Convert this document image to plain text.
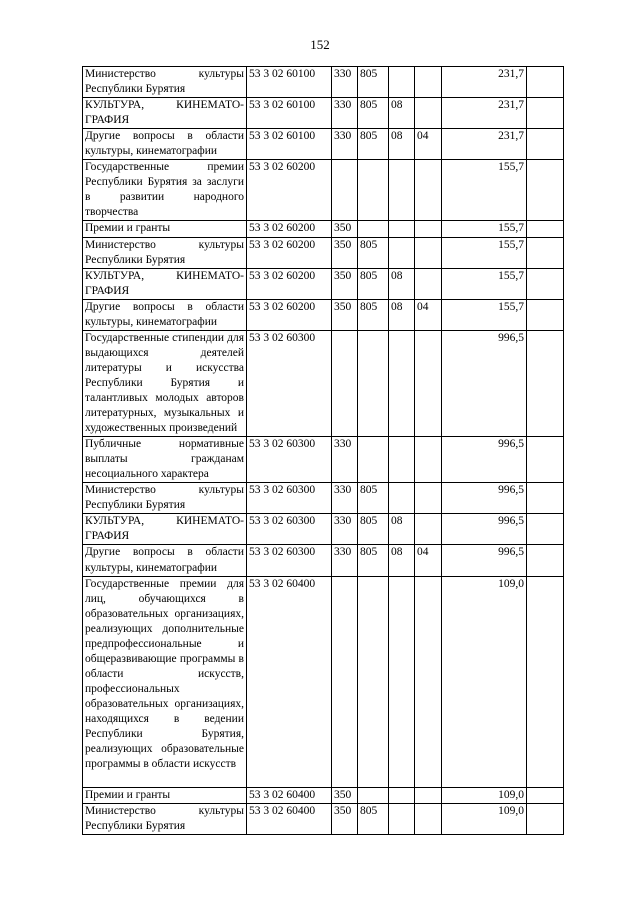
152
Министерство культуры Республики Бурятия	53 3 02 60100	330	805			231,7	
КУЛЬТУРА, КИНЕМАТО-ГРАФИЯ	53 3 02 60100	330	805	08		231,7	
Другие вопросы в области культуры, кинематографии	53 3 02 60100	330	805	08	04	231,7	
Государственные премии Республики Бурятия за заслуги в развитии народного творчества	53 3 02 60200					155,7	
Премии и гранты	53 3 02 60200	350				155,7	
Министерство культуры Республики Бурятия	53 3 02 60200	350	805			155,7	
КУЛЬТУРА, КИНЕМАТО-ГРАФИЯ	53 3 02 60200	350	805	08		155,7	
Другие вопросы в области культуры, кинематографии	53 3 02 60200	350	805	08	04	155,7	
Государственные стипендии для выдающихся деятелей литературы и искусства Республики Бурятия и талантливых молодых авторов литературных, музыкальных и художественных произведений	53 3 02 60300					996,5	
Публичные нормативные выплаты гражданам несоциального характера	53 3 02 60300	330				996,5	
Министерство культуры Республики Бурятия	53 3 02 60300	330	805			996,5	
КУЛЬТУРА, КИНЕМАТО-ГРАФИЯ	53 3 02 60300	330	805	08		996,5	
Другие вопросы в области культуры, кинематографии	53 3 02 60300	330	805	08	04	996,5	
Государственные премии для лиц, обучающихся в образовательных организациях, реализующих дополнительные предпрофессиональные и общеразвивающие программы в области искусств, профессиональных образовательных организациях, находящихся в ведении Республики Бурятия, реализующих образовательные программы в области искусств	53 3 02 60400					109,0	
Премии и гранты	53 3 02 60400	350				109,0	
Министерство культуры Республики Бурятия	53 3 02 60400	350	805			109,0	
